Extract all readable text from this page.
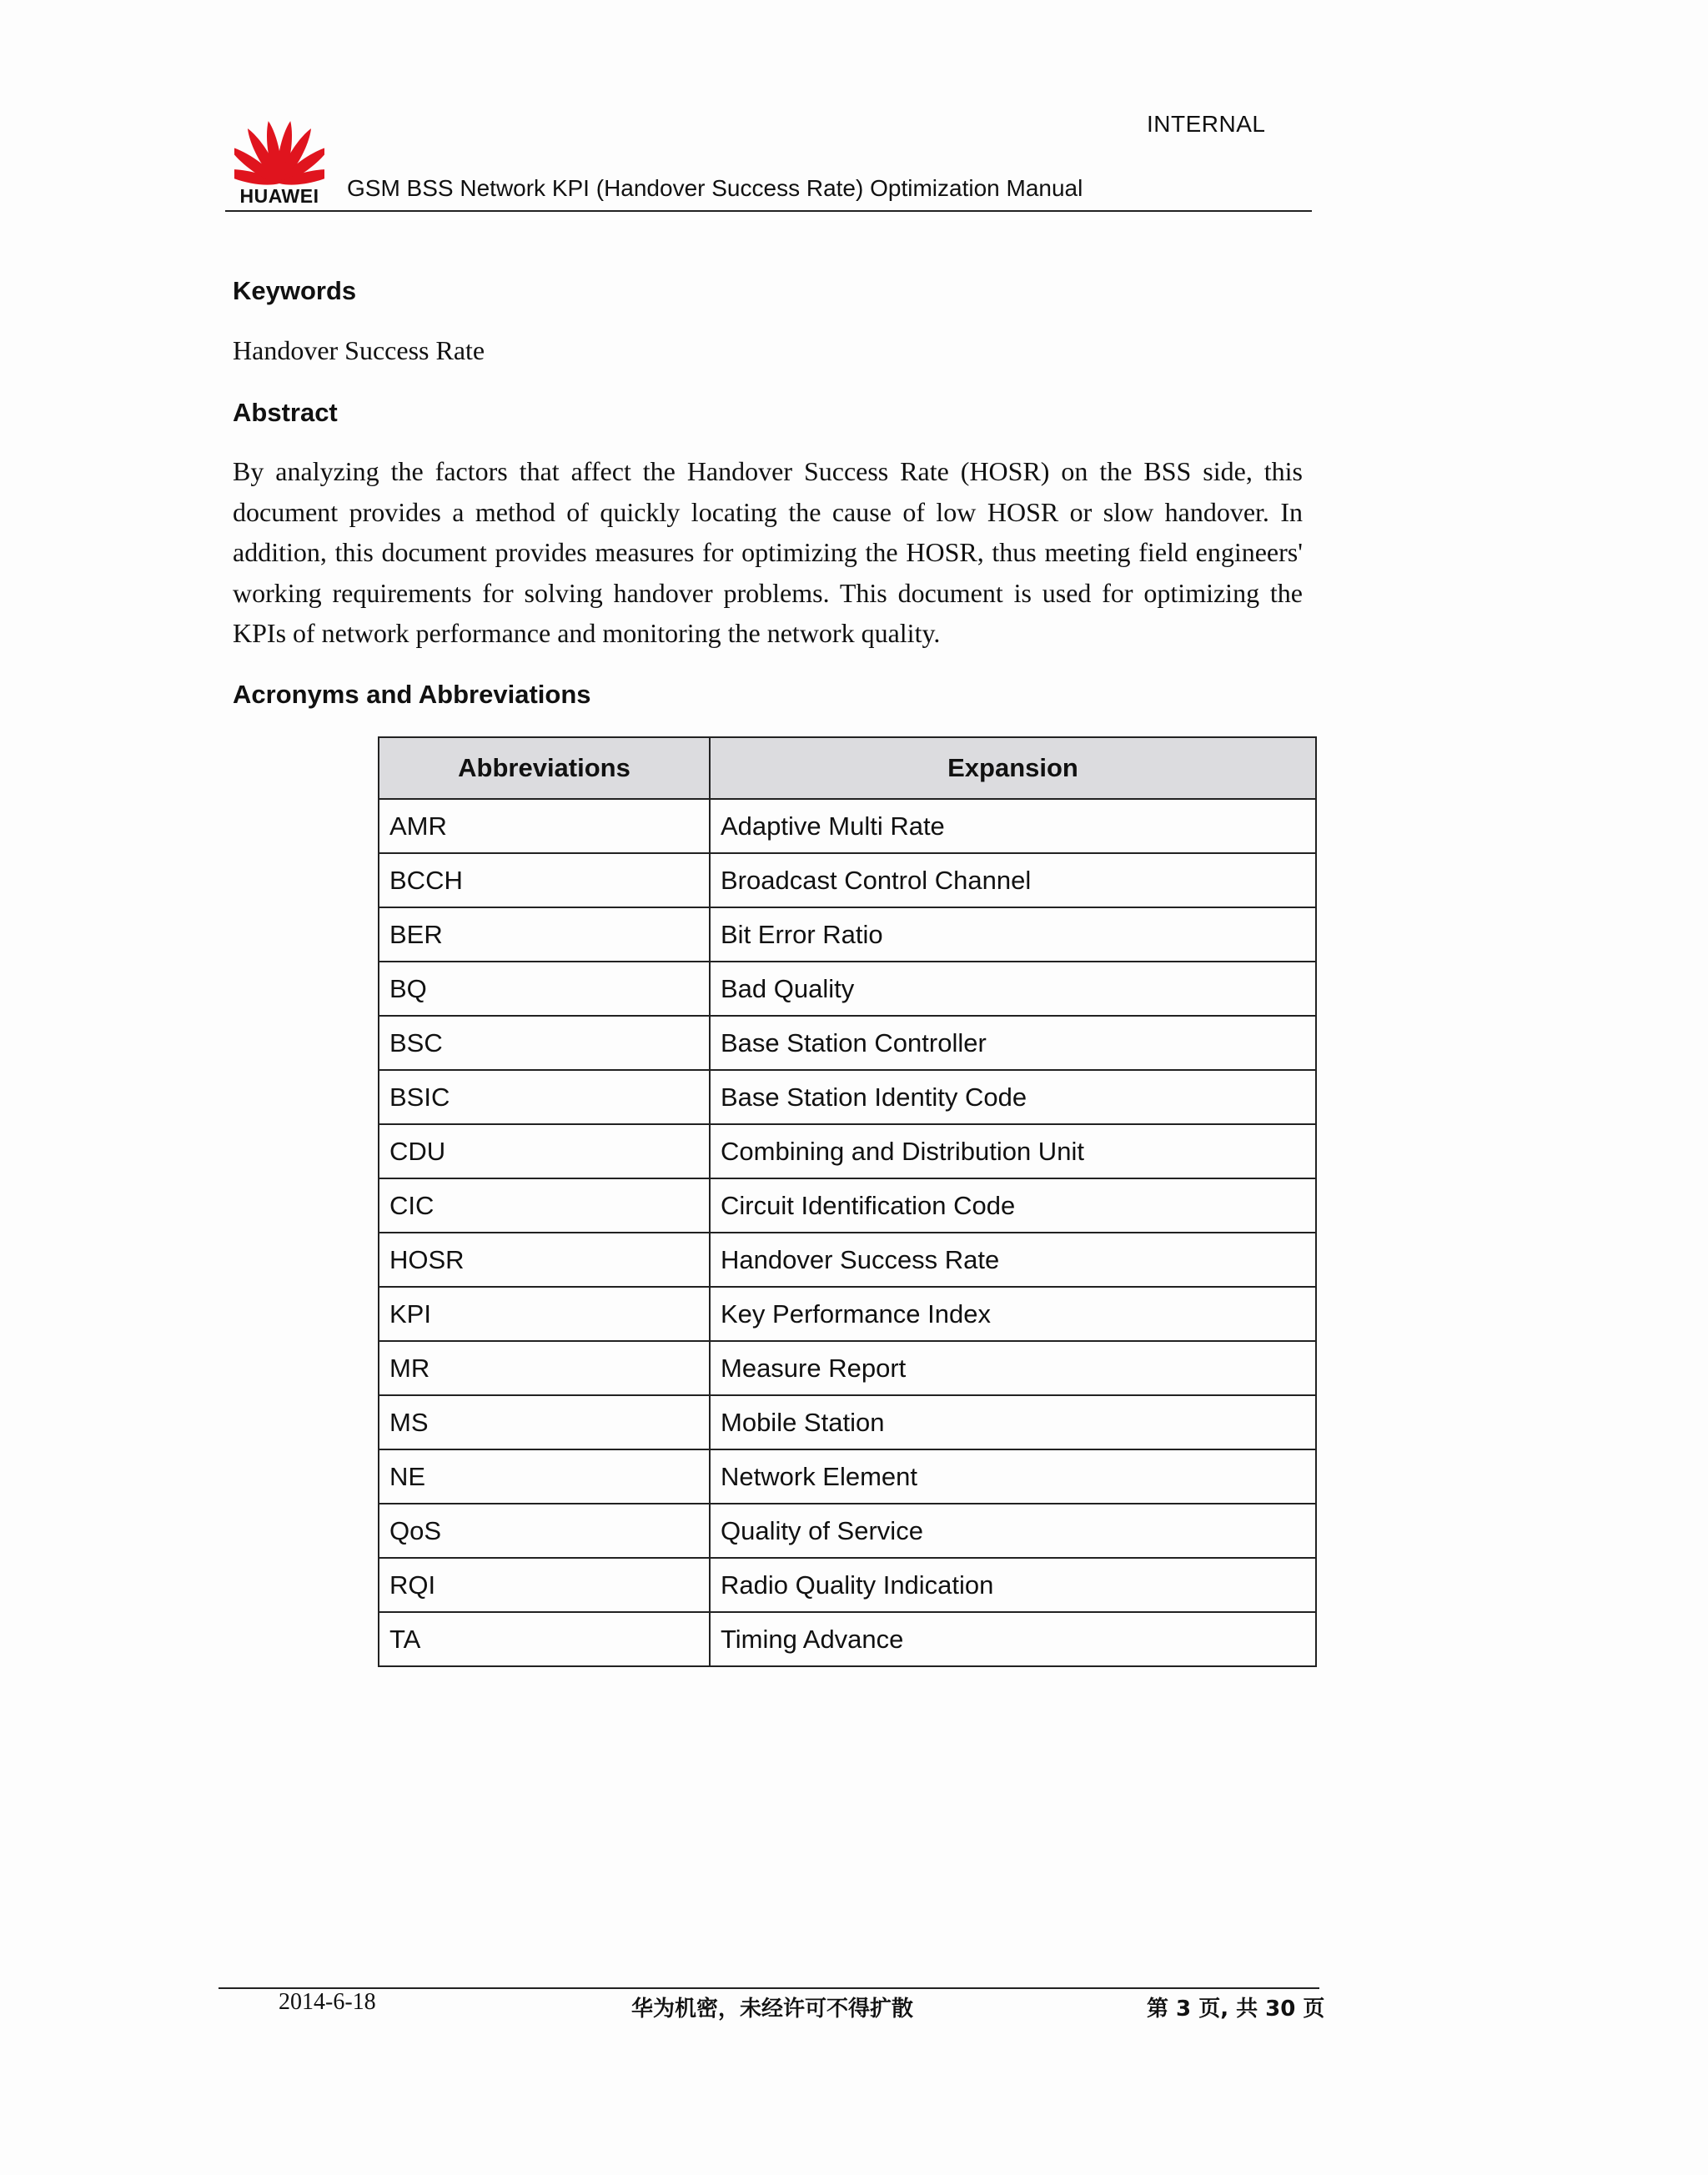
INTERNAL
HUAWEI	GSM BSS Network KPI (Handover Success Rate) Optimization Manual
Keywords
Handover Success Rate
Abstract

By analyzing the factors that affect the Handover Success Rate (HOSR) on the BSS side, this document provides a method of quickly locating the cause of low HOSR or slow handover. In addition, this document provides measures for optimizing the HOSR, thus meeting field engineers' working requirements for solving handover problems. This document is used for optimizing the KPIs of network performance and monitoring the network quality.

Acronyms and Abbreviations
Abbreviations	Expansion
AMR	Adaptive Multi Rate
BCCH	Broadcast Control Channel
BER	Bit Error Ratio
BQ	Bad Quality
BSC	Base Station Controller
BSIC	Base Station Identity Code
CDU	Combining and Distribution Unit
CIC	Circuit Identification Code
HOSR	Handover Success Rate
KPI	Key Performance Index
MR	Measure Report
MS	Mobile Station
NE	Network Element
QoS	Quality of Service
RQI	Radio Quality Indication
TA	Timing Advance
2014-6-18	华为机密，未经许可不得扩散	第 3 页, 共 30 页
